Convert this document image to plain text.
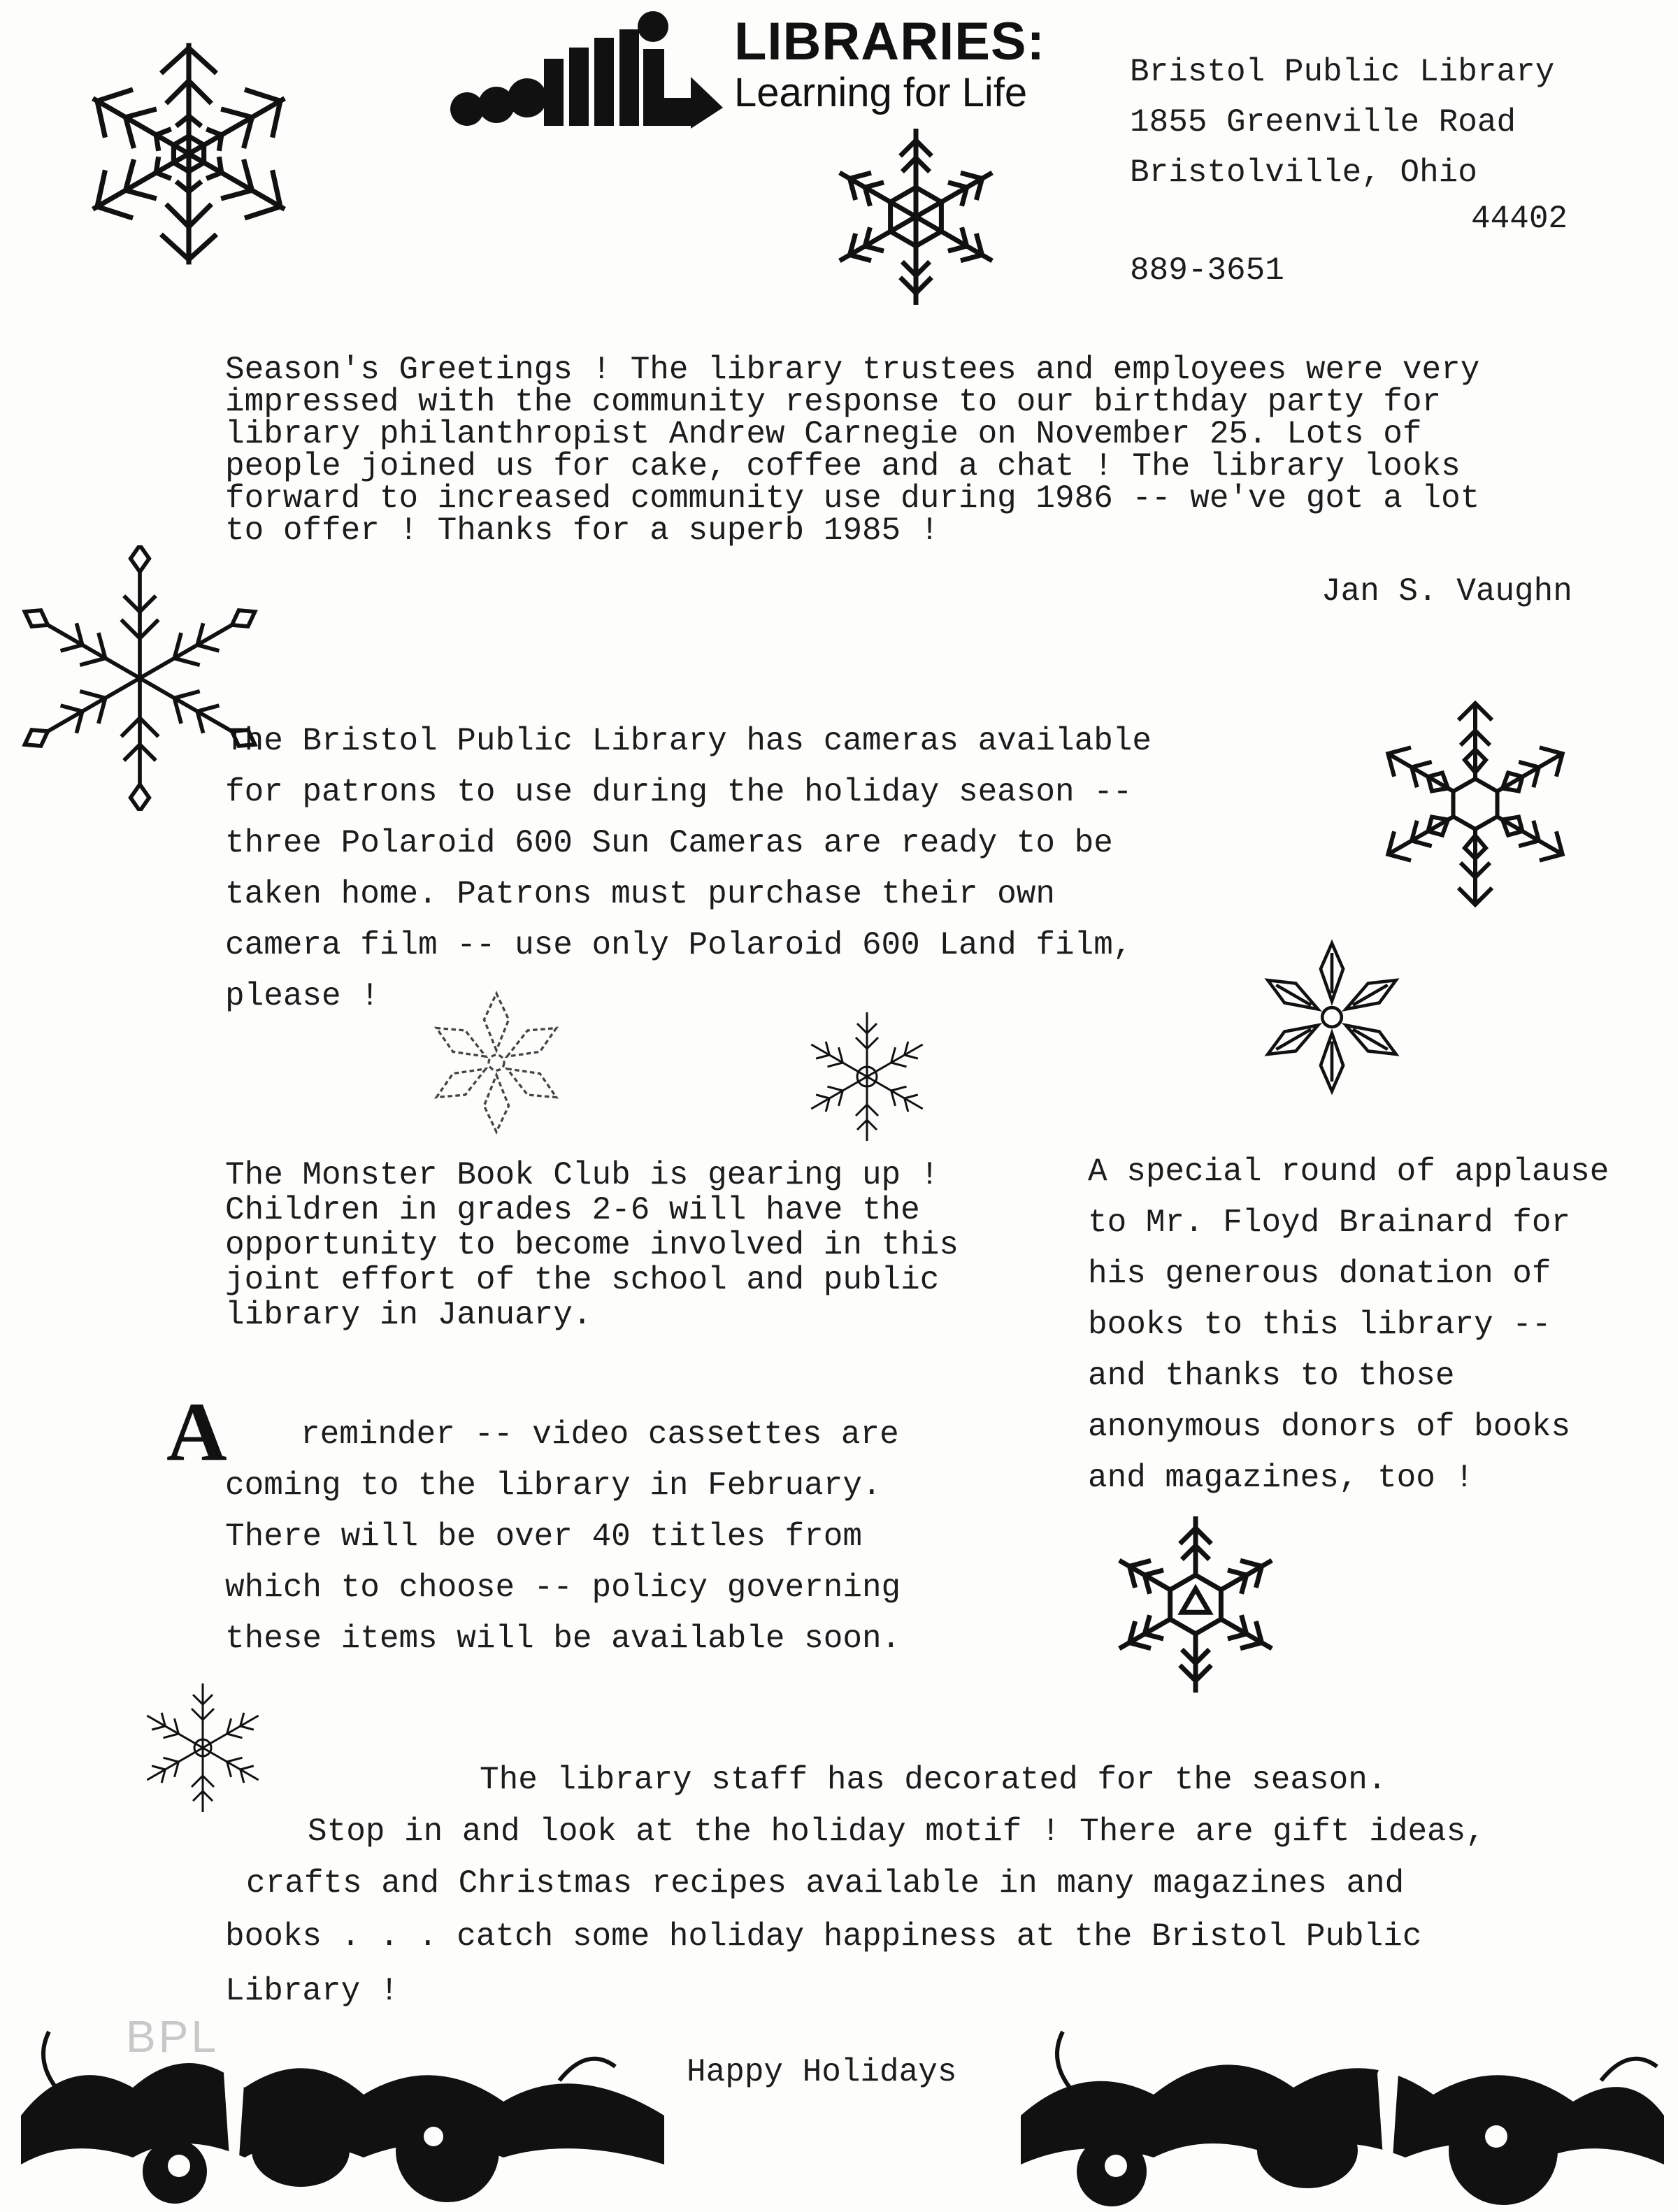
LIBRARIES:
Learning for Life	Bristol Public Library
1855 Greenville Road
Bristolville, Ohio
44402
889-3651
Season's Greetings ! The library trustees and employees were very
impressed with the community response to our birthday party for
library philanthropist Andrew Carnegie on November 25. Lots of
people joined us for cake, coffee and a chat ! The library looks
forward to increased community use during 1986 -- we've got a lot
to offer ! Thanks for a superb 1985 !
Jan S. Vaughn
The Bristol Public Library has cameras available
for patrons to use during the holiday season --
three Polaroid 600 Sun Cameras are ready to be
taken home. Patrons must purchase their own
camera film -- use only Polaroid 600 Land film,
please !
The Monster Book Club is gearing up !
Children in grades 2-6 will have the
opportunity to become involved in this
joint effort of the school and public
library in January.
A special round of applause
to Mr. Floyd Brainard for
his generous donation of
books to this library --
and thanks to those
anonymous donors of books
and magazines, too !
A	reminder -- video cassettes are
coming to the library in February.
There will be over 40 titles from
which to choose -- policy governing
these items will be available soon.
The library staff has decorated for the season.
Stop in and look at the holiday motif ! There are gift ideas,
crafts and Christmas recipes available in many magazines and
books . . . catch some holiday happiness at the Bristol Public
Library !
Happy Holidays
BPL
